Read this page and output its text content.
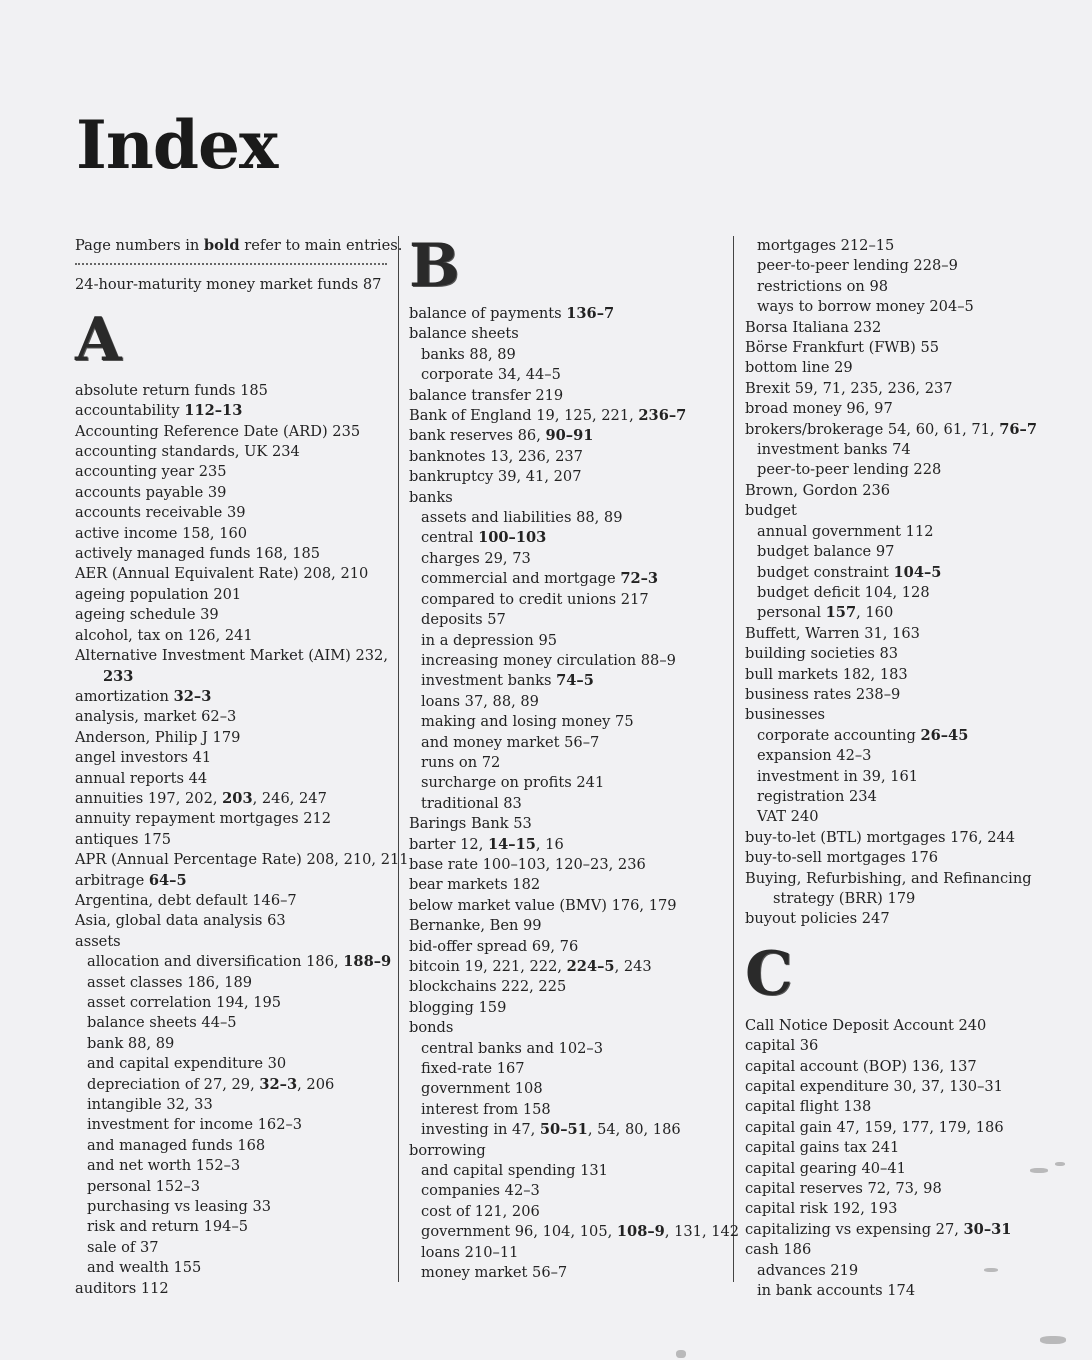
Index
Page numbers in bold refer to main entries.
24-hour-maturity money market funds 87
A
absolute return funds 185
accountability 112–13
Accounting Reference Date (ARD) 235
accounting standards, UK 234
accounting year 235
accounts payable 39
accounts receivable 39
active income 158, 160
actively managed funds 168, 185
AER (Annual Equivalent Rate) 208, 210
ageing population 201
ageing schedule 39
alcohol, tax on 126, 241
Alternative Investment Market (AIM) 232, 233
amortization 32–3
analysis, market 62–3
Anderson, Philip J 179
angel investors 41
annual reports 44
annuities 197, 202, 203, 246, 247
annuity repayment mortgages 212
antiques 175
APR (Annual Percentage Rate) 208, 210, 211
arbitrage 64–5
Argentina, debt default 146–7
Asia, global data analysis 63
assets
allocation and diversification 186, 188–9
asset classes 186, 189
asset correlation 194, 195
balance sheets 44–5
bank 88, 89
and capital expenditure 30
depreciation of 27, 29, 32–3, 206
intangible 32, 33
investment for income 162–3
and managed funds 168
and net worth 152–3
personal 152–3
purchasing vs leasing 33
risk and return 194–5
sale of 37
and wealth 155
auditors 112
B
balance of payments 136–7
balance sheets
banks 88, 89
corporate 34, 44–5
balance transfer 219
Bank of England 19, 125, 221, 236–7
bank reserves 86, 90–91
banknotes 13, 236, 237
bankruptcy 39, 41, 207
banks
assets and liabilities 88, 89
central 100–103
charges 29, 73
commercial and mortgage 72–3
compared to credit unions 217
deposits 57
in a depression 95
increasing money circulation 88–9
investment banks 74–5
loans 37, 88, 89
making and losing money 75
and money market 56–7
runs on 72
surcharge on profits 241
traditional 83
Barings Bank 53
barter 12, 14–15, 16
base rate 100–103, 120–23, 236
bear markets 182
below market value (BMV) 176, 179
Bernanke, Ben 99
bid-offer spread 69, 76
bitcoin 19, 221, 222, 224–5, 243
blockchains 222, 225
blogging 159
bonds
central banks and 102–3
fixed-rate 167
government 108
interest from 158
investing in 47, 50–51, 54, 80, 186
borrowing
and capital spending 131
companies 42–3
cost of 121, 206
government 96, 104, 105, 108–9, 131, 142
loans 210–11
money market 56–7
mortgages 212–15
peer-to-peer lending 228–9
restrictions on 98
ways to borrow money 204–5
Borsa Italiana 232
Börse Frankfurt (FWB) 55
bottom line 29
Brexit 59, 71, 235, 236, 237
broad money 96, 97
brokers/brokerage 54, 60, 61, 71, 76–7
investment banks 74
peer-to-peer lending 228
Brown, Gordon 236
budget
annual government 112
budget balance 97
budget constraint 104–5
budget deficit 104, 128
personal 157, 160
Buffett, Warren 31, 163
building societies 83
bull markets 182, 183
business rates 238–9
businesses
corporate accounting 26–45
expansion 42–3
investment in 39, 161
registration 234
VAT 240
buy-to-let (BTL) mortgages 176, 244
buy-to-sell mortgages 176
Buying, Refurbishing, and Refinancing strategy (BRR) 179
buyout policies 247
C
Call Notice Deposit Account 240
capital 36
capital account (BOP) 136, 137
capital expenditure 30, 37, 130–31
capital flight 138
capital gain 47, 159, 177, 179, 186
capital gains tax 241
capital gearing 40–41
capital reserves 72, 73, 98
capital risk 192, 193
capitalizing vs expensing 27, 30–31
cash 186
advances 219
in bank accounts 174
